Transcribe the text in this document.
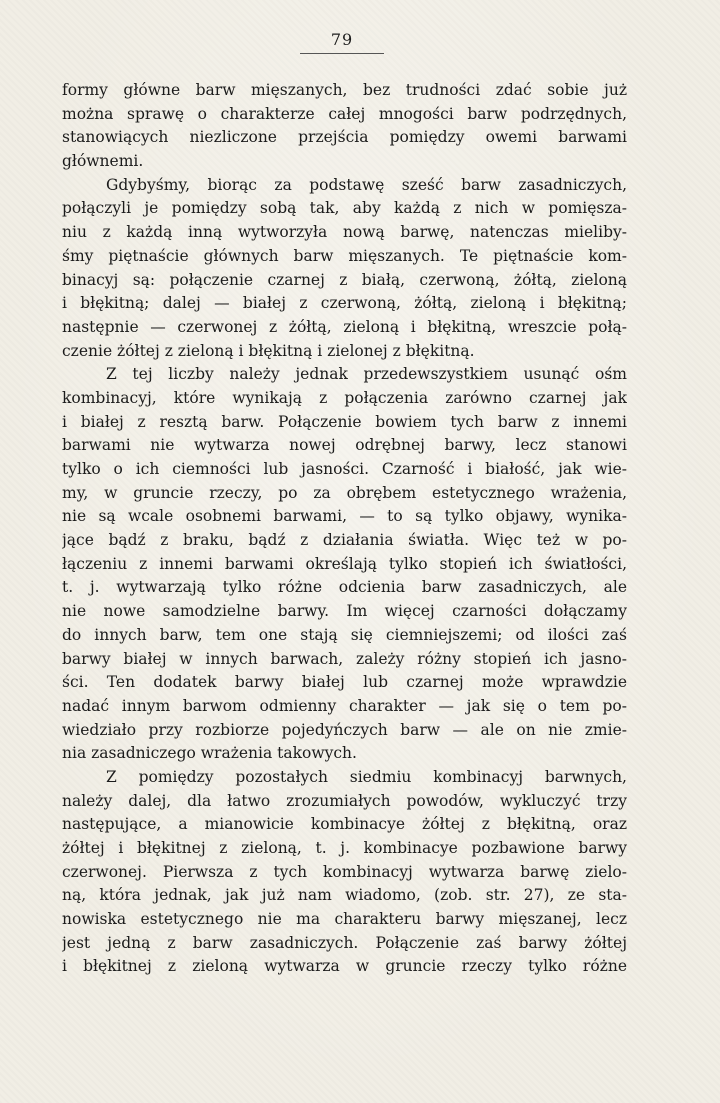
79
formy główne barw mięszanych, bez trudności zdać sobie już
można sprawę o charakterze całej mnogości barw podrzędnych,
stanowiących niezliczone przejścia pomiędzy owemi barwami
głównemi.
Gdybyśmy, biorąc za podstawę sześć barw zasadniczych,
połączyli je pomiędzy sobą tak, aby każdą z nich w pomięsza-
niu z każdą inną wytworzyła nową barwę, natenczas mieliby-
śmy piętnaście głównych barw mięszanych. Te piętnaście kom-
binacyj są: połączenie czarnej z białą, czerwoną, żółtą, zieloną
i błękitną; dalej — białej z czerwoną, żółtą, zieloną i błękitną;
następnie — czerwonej z żółtą, zieloną i błękitną, wreszcie połą-
czenie żółtej z zieloną i błękitną i zielonej z błękitną.
Z tej liczby należy jednak przedewszystkiem usunąć ośm
kombinacyj, które wynikają z połączenia zarówno czarnej jak
i białej z resztą barw. Połączenie bowiem tych barw z innemi
barwami nie wytwarza nowej odrębnej barwy, lecz stanowi
tylko o ich ciemności lub jasności. Czarność i białość, jak wie-
my, w gruncie rzeczy, po za obrębem estetycznego wrażenia,
nie są wcale osobnemi barwami, — to są tylko objawy, wynika-
jące bądź z braku, bądź z działania światła. Więc też w po-
łączeniu z innemi barwami określają tylko stopień ich światłości,
t. j. wytwarzają tylko różne odcienia barw zasadniczych, ale
nie nowe samodzielne barwy. Im więcej czarności dołączamy
do innych barw, tem one stają się ciemniejszemi; od ilości zaś
barwy białej w innych barwach, zależy różny stopień ich jasno-
ści. Ten dodatek barwy białej lub czarnej może wprawdzie
nadać innym barwom odmienny charakter — jak się o tem po-
wiedziało przy rozbiorze pojedyńczych barw — ale on nie zmie-
nia zasadniczego wrażenia takowych.
Z pomiędzy pozostałych siedmiu kombinacyj barwnych,
należy dalej, dla łatwo zrozumiałych powodów, wykluczyć trzy
następujące, a mianowicie kombinacye żółtej z błękitną, oraz
żółtej i błękitnej z zieloną, t. j. kombinacye pozbawione barwy
czerwonej. Pierwsza z tych kombinacyj wytwarza barwę zielo-
ną, która jednak, jak już nam wiadomo, (zob. str. 27), ze sta-
nowiska estetycznego nie ma charakteru barwy mięszanej, lecz
jest jedną z barw zasadniczych. Połączenie zaś barwy żółtej
i błękitnej z zieloną wytwarza w gruncie rzeczy tylko różne
